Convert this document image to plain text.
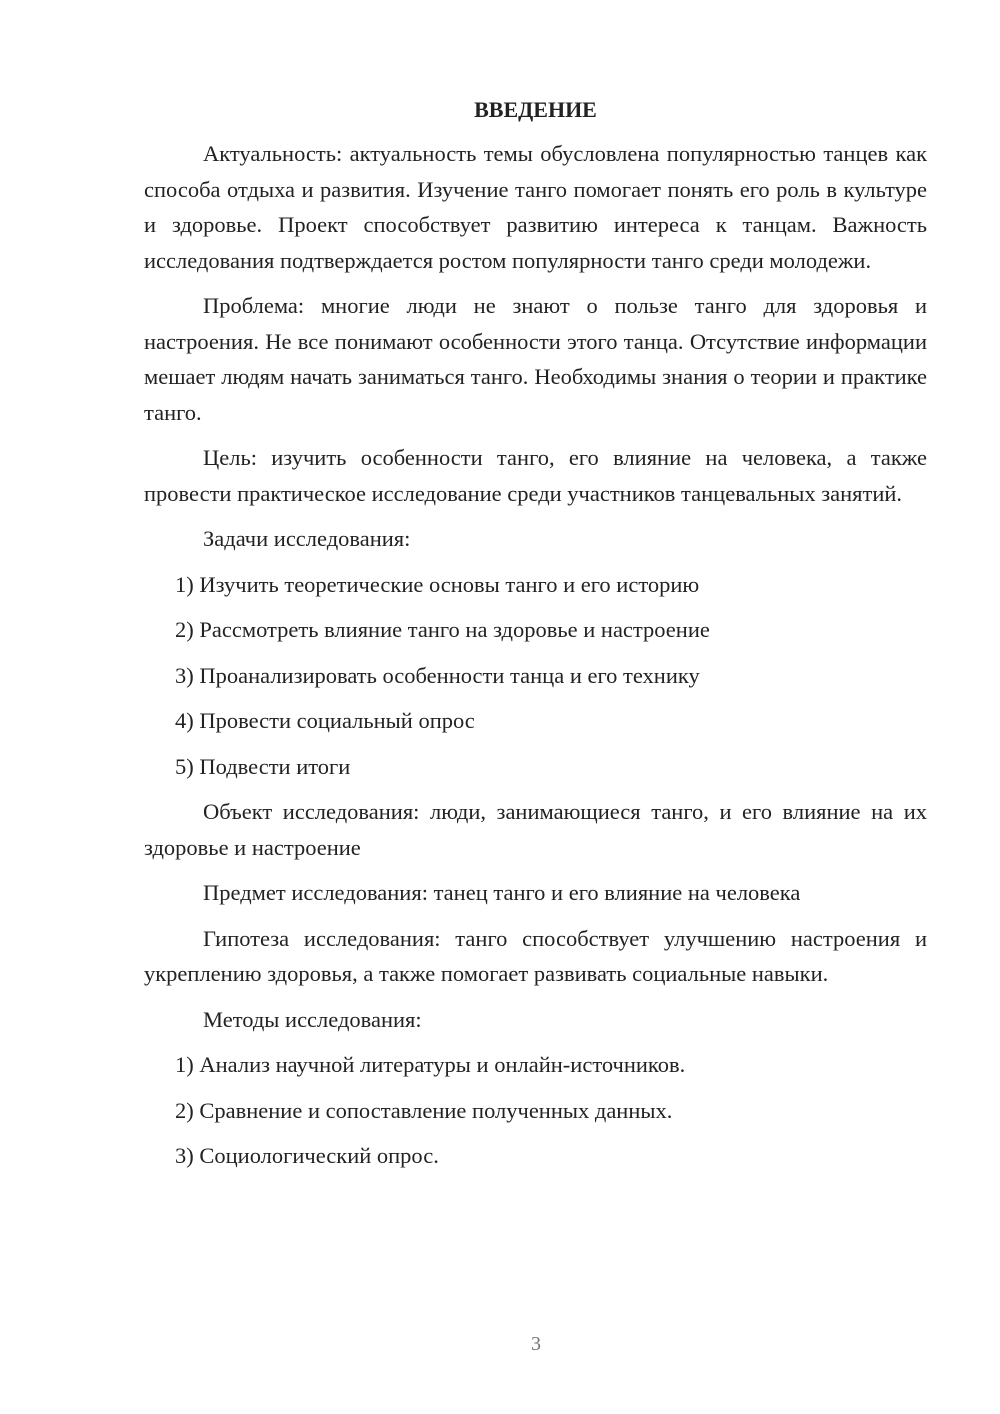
ВВЕДЕНИЕ

Актуальность: актуальность темы обусловлена популярностью танцев как способа отдыха и развития. Изучение танго помогает понять его роль в культуре и здоровье. Проект способствует развитию интереса к танцам. Важность исследования подтверждается ростом популярности танго среди молодежи.

Проблема: многие люди не знают о пользе танго для здоровья и настроения. Не все понимают особенности этого танца. Отсутствие информации мешает людям начать заниматься танго. Необходимы знания о теории и практике танго.

Цель: изучить особенности танго, его влияние на человека, а также провести практическое исследование среди участников танцевальных занятий.

Задачи исследования:

1) Изучить теоретические основы танго и его историю
2) Рассмотреть влияние танго на здоровье и настроение
3) Проанализировать особенности танца и его технику
4) Провести социальный опрос
5) Подвести итоги

Объект исследования: люди, занимающиеся танго, и его влияние на их здоровье и настроение

Предмет исследования: танец танго и его влияние на человека

Гипотеза исследования: танго способствует улучшению настроения и укреплению здоровья, а также помогает развивать социальные навыки.

Методы исследования:

1) Анализ научной литературы и онлайн-источников.
2) Сравнение и сопоставление полученных данных.
3) Социологический опрос.
3
